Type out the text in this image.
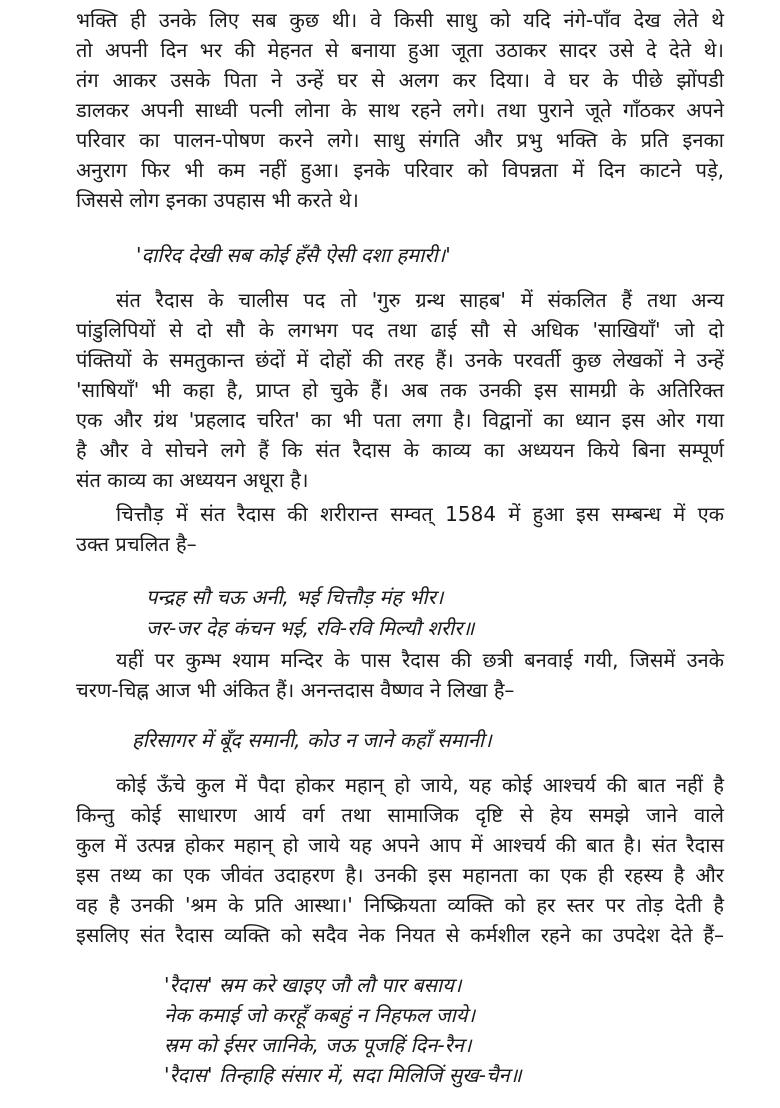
भक्ति ही उनके लिए सब कुछ थी। वे किसी साधु को यदि नंगे-पाँव देख लेते थे
तो अपनी दिन भर की मेहनत से बनाया हुआ जूता उठाकर सादर उसे दे देते थे।
तंग आकर उसके पिता ने उन्हें घर से अलग कर दिया। वे घर के पीछे झोंपडी
डालकर अपनी साध्वी पत्नी लोना के साथ रहने लगे। तथा पुराने जूते गाँठकर अपने
परिवार का पालन-पोषण करने लगे। साधु संगति और प्रभु भक्ति के प्रति इनका
अनुराग फिर भी कम नहीं हुआ। इनके परिवार को विपन्नता में दिन काटने पड़े,
जिससे लोग इनका उपहास भी करते थे।
'दारिद देखी सब कोई हँसै ऐसी दशा हमारी।'
संत रैदास के चालीस पद तो 'गुरु ग्रन्थ साहब' में संकलित हैं तथा अन्य
पांडुलिपियों से दो सौ के लगभग पद तथा ढाई सौ से अधिक 'साखियाँ' जो दो
पंक्तियों के समतुकान्त छंदों में दोहों की तरह हैं। उनके परवर्ती कुछ लेखकों ने उन्हें
'साषियाँ' भी कहा है, प्राप्त हो चुके हैं। अब तक उनकी इस सामग्री के अतिरिक्त
एक और ग्रंथ 'प्रहलाद चरित' का भी पता लगा है। विद्वानों का ध्यान इस ओर गया
है और वे सोचने लगे हैं कि संत रैदास के काव्य का अध्ययन किये बिना सम्पूर्ण
संत काव्य का अध्ययन अधूरा है।
चित्तौड़ में संत रैदास की शरीरान्त सम्वत् 1584 में हुआ इस सम्बन्ध में एक
उक्त प्रचलित है–
पन्द्रह सौ चऊ अनी, भई चित्तौड़ मंह भीर।
जर-जर देह कंचन भई, रवि-रवि मिल्यौ शरीर॥
यहीं पर कुम्भ श्याम मन्दिर के पास रैदास की छत्री बनवाई गयी, जिसमें उनके
चरण-चिह्न आज भी अंकित हैं। अनन्तदास वैष्णव ने लिखा है–
हरिसागर में बूँद समानी, कोउ न जाने कहाँ समानी।
कोई ऊँचे कुल में पैदा होकर महान् हो जाये, यह कोई आश्चर्य की बात नहीं है
किन्तु कोई साधारण आर्य वर्ग तथा सामाजिक दृष्टि से हेय समझे जाने वाले
कुल में उत्पन्न होकर महान् हो जाये यह अपने आप में आश्चर्य की बात है। संत रैदास
इस तथ्य का एक जीवंत उदाहरण है। उनकी इस महानता का एक ही रहस्य है और
वह है उनकी 'श्रम के प्रति आस्था।' निष्क्रियता व्यक्ति को हर स्तर पर तोड़ देती है
इसलिए संत रैदास व्यक्ति को सदैव नेक नियत से कर्मशील रहने का उपदेश देते हैं–
'रैदास' स्रम करे खाइए जौ लौ पार बसाय।
नेक कमाई जो करहूँ कबहुं न निहफल जाये।
स्रम को ईसर जानिके, जऊ पूजहिं दिन-रैन।
'रैदास' तिन्हाहि संसार में, सदा मिलिजिं सुख-चैन॥
